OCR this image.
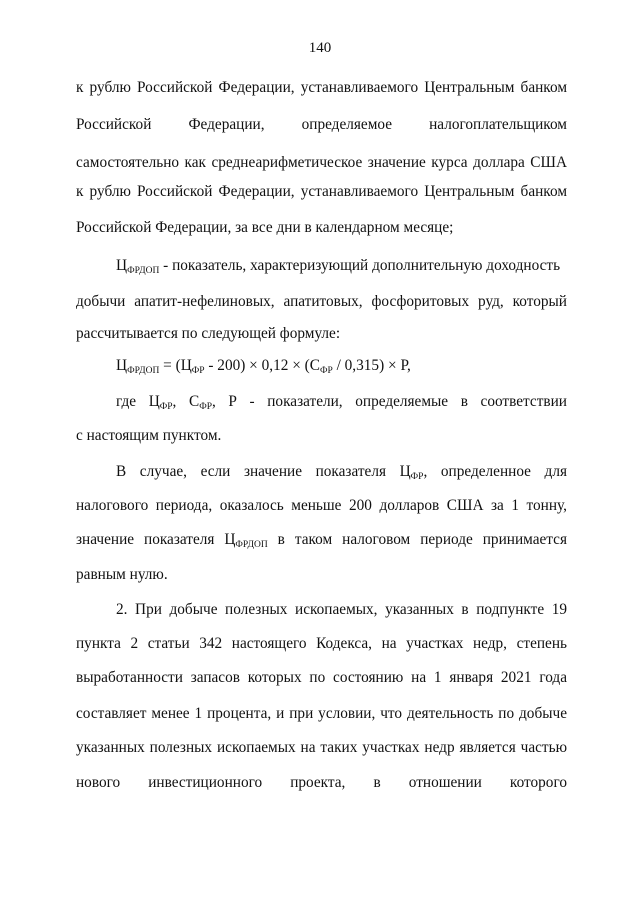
140
к рублю Российской Федерации, устанавливаемого Центральным банком
Российской Федерации, определяемое налогоплательщиком
самостоятельно как среднеарифметическое значение курса доллара США
к рублю Российской Федерации, устанавливаемого Центральным банком
Российской Федерации, за все дни в календарном месяце;
$Ц_{ФРДОП}$ - показатель, характеризующий дополнительную доходность
добычи апатит-нефелиновых, апатитовых, фосфоритовых руд, который
рассчитывается по следующей формуле:
$Ц_{ФРДОП} = (Ц_{ФР} - 200) \times 0,12 \times (С_{ФР} / 0,315) \times Р$,
где $Ц_{ФР}$, $С_{ФР}$, Р - показатели, определяемые в соответствии
с настоящим пунктом.
В случае, если значение показателя $Ц_{ФР}$, определенное для
налогового периода, оказалось меньше 200 долларов США за 1 тонну,
значение показателя $Ц_{ФРДОП}$ в таком налоговом периоде принимается
равным нулю.
2. При добыче полезных ископаемых, указанных в подпункте 19
пункта 2 статьи 342 настоящего Кодекса, на участках недр, степень
выработанности запасов которых по состоянию на 1 января 2021 года
составляет менее 1 процента, и при условии, что деятельность по добыче
указанных полезных ископаемых на таких участках недр является частью
нового инвестиционного проекта, в отношении которого
